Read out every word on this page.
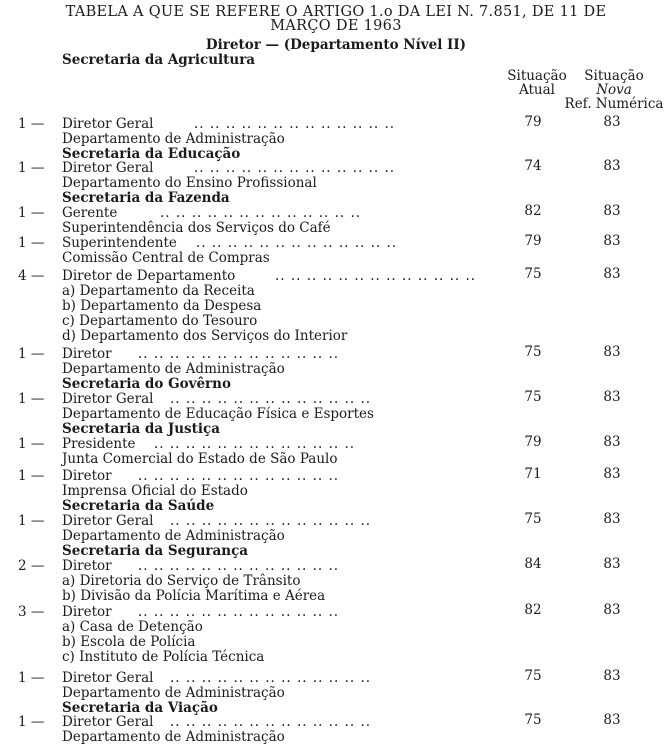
TABELA A QUE SE REFERE O ARTIGO 1.o DA LEI N. 7.851, DE 11 DE
MARÇO DE 1963
Diretor — (Departamento Nível II)
Secretaria da Agricultura
Situação
Atual
Situação
Nova
Ref. Numérica
1 — Diretor Geral	.. .. .. .. .. .. .. .. .. .. .. .. ..	79	83
Departamento de Administração
Secretaria da Educação
1 — Diretor Geral	.. .. .. .. .. .. .. .. .. .. .. .. ..	74	83
Departamento do Ensino Profissional
Secretaria da Fazenda
1 — Gerente	.. .. .. .. .. .. .. .. .. .. .. .. ..	82	83
Superintendência dos Serviços do Café
1 — Superintendente .. .. .. .. .. .. .. .. .. .. .. .. ..	79	83
Comissão Central de Compras
4 — Diretor de Departamento	.. .. .. .. .. .. .. .. .. .. .. .. ..	75	83
a) Departamento da Receita
b) Departamento da Despesa
c) Departamento do Tesouro
d) Departamento dos Serviços do Interior
1 — Diretor .. .. .. .. .. .. .. .. .. .. .. .. ..	75	83
Departamento de Administração
Secretaria do Govêrno
1 — Diretor Geral .. .. .. .. .. .. .. .. .. .. .. .. ..	75	83
Departamento de Educação Física e Esportes
Secretaria da Justiça
1 — Presidente .. .. .. .. .. .. .. .. .. .. .. .. ..	79	83
Junta Comercial do Estado de São Paulo
1 — Diretor .. .. .. .. .. .. .. .. .. .. .. .. ..	71	83
Imprensa Oficial do Estado
Secretaria da Saúde
1 — Diretor Geral .. .. .. .. .. .. .. .. .. .. .. .. ..	75	83
Departamento de Administração
Secretaria da Segurança
2 — Diretor .. .. .. .. .. .. .. .. .. .. .. .. ..	84	83
a) Diretoria do Serviço de Trânsito
b) Divisão da Polícia Marítima e Aérea
3 — Diretor .. .. .. .. .. .. .. .. .. .. .. .. ..	82	83
a) Casa de Detenção
b) Escola de Polícia
c) Instituto de Polícia Técnica
1 — Diretor Geral .. .. .. .. .. .. .. .. .. .. .. .. ..	75	83
Departamento de Administração
Secretaria da Viação
1 — Diretor Geral .. .. .. .. .. .. .. .. .. .. .. .. ..	75	83
Departamento de Administração
